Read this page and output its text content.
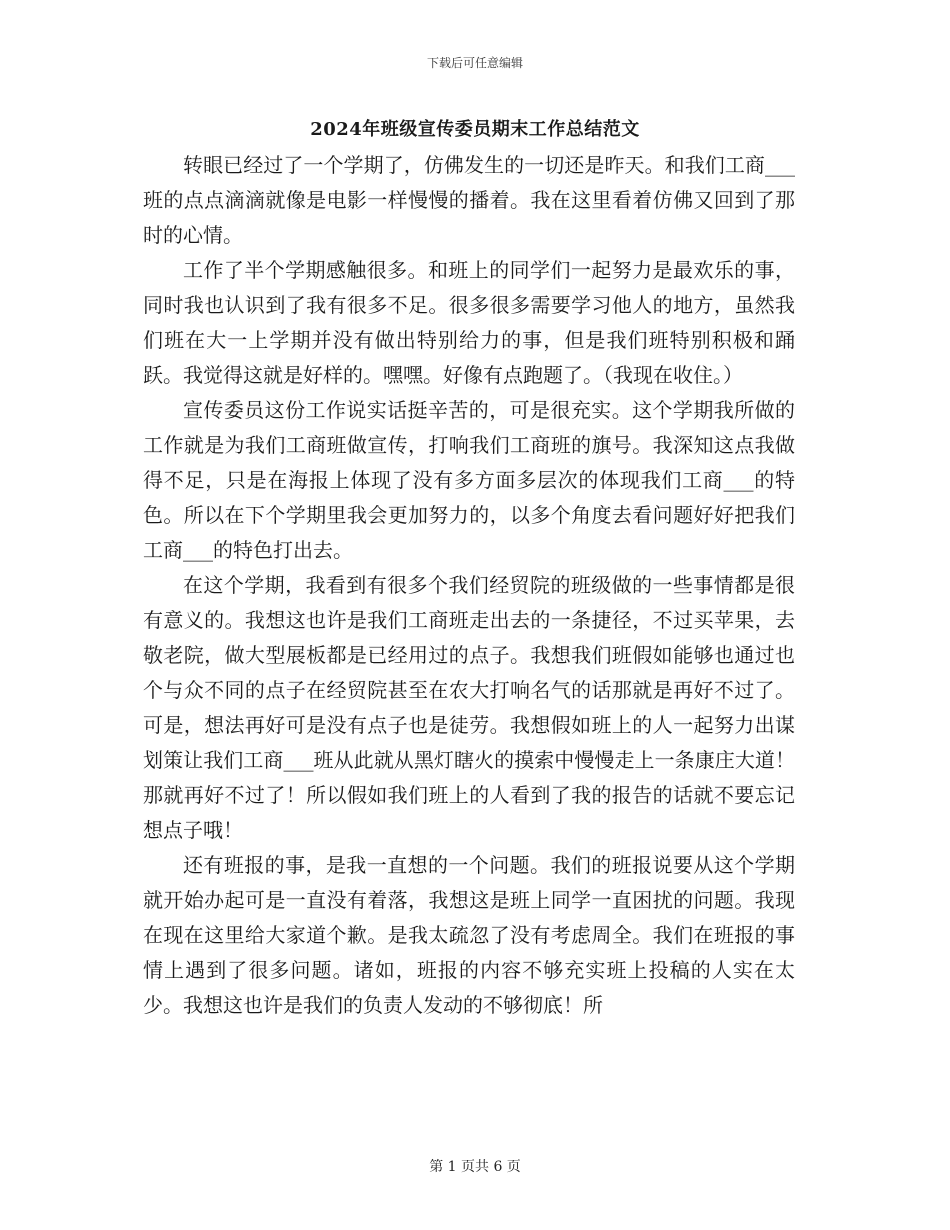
下载后可任意编辑
2024年班级宣传委员期末工作总结范文

转眼已经过了一个学期了，仿佛发生的一切还是昨天。和我们工商___班的点点滴滴就像是电影一样慢慢的播着。我在这里看着仿佛又回到了那时的心情。

工作了半个学期感触很多。和班上的同学们一起努力是最欢乐的事，同时我也认识到了我有很多不足。很多很多需要学习他人的地方，虽然我们班在大一上学期并没有做出特别给力的事，但是我们班特别积极和踊跃。我觉得这就是好样的。嘿嘿。好像有点跑题了。（我现在收住。）

宣传委员这份工作说实话挺辛苦的，可是很充实。这个学期我所做的工作就是为我们工商班做宣传，打响我们工商班的旗号。我深知这点我做得不足，只是在海报上体现了没有多方面多层次的体现我们工商___的特色。所以在下个学期里我会更加努力的，以多个角度去看问题好好把我们工商___的特色打出去。

在这个学期，我看到有很多个我们经贸院的班级做的一些事情都是很有意义的。我想这也许是我们工商班走出去的一条捷径，不过买苹果，去敬老院，做大型展板都是已经用过的点子。我想我们班假如能够也通过也个与众不同的点子在经贸院甚至在农大打响名气的话那就是再好不过了。可是，想法再好可是没有点子也是徒劳。我想假如班上的人一起努力出谋划策让我们工商___班从此就从黑灯瞎火的摸索中慢慢走上一条康庄大道！那就再好不过了！所以假如我们班上的人看到了我的报告的话就不要忘记想点子哦！

还有班报的事，是我一直想的一个问题。我们的班报说要从这个学期就开始办起可是一直没有着落，我想这是班上同学一直困扰的问题。我现在现在这里给大家道个歉。是我太疏忽了没有考虑周全。我们在班报的事情上遇到了很多问题。诸如，班报的内容不够充实班上投稿的人实在太少。我想这也许是我们的负责人发动的不够彻底！所

第 1 页共 6 页
